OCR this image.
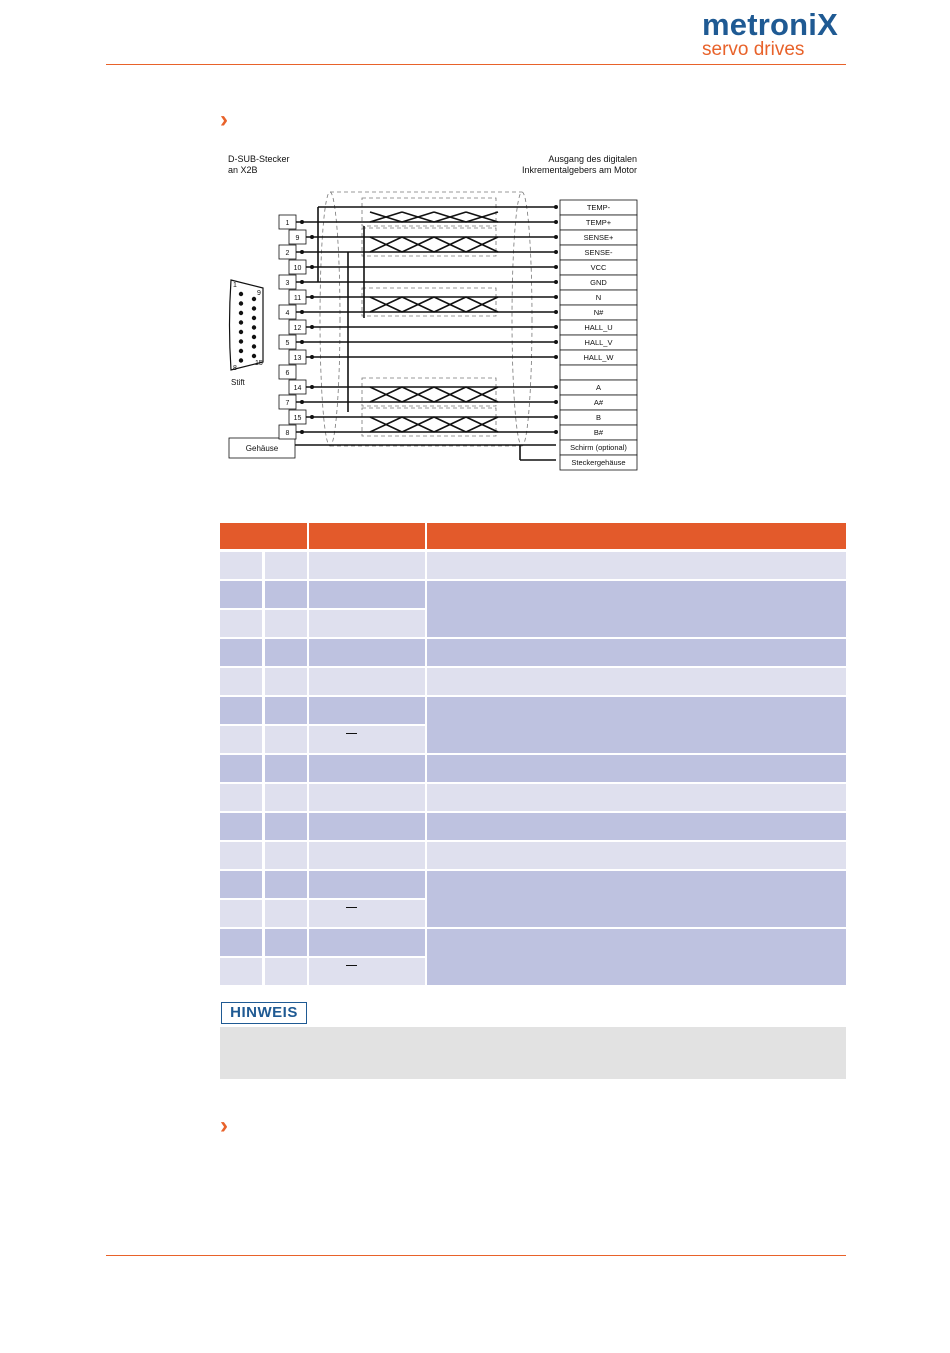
metroniX
servo drives
›
D-SUB-Stecker
an X2B
Ausgang des digitalen
Inkrementalgebers am Motor
1
9
8
15
Stift
Gehäuse
1
9
2
10
3
11
4
12
5
13
6
14
7
15
8
TEMP-
TEMP+
SENSE+
SENSE-
VCC
GND
N
N#
HALL_U
HALL_V
HALL_W
A
A#
B
B#
Schirm (optional)
Steckergehäuse
HINWEIS
›
